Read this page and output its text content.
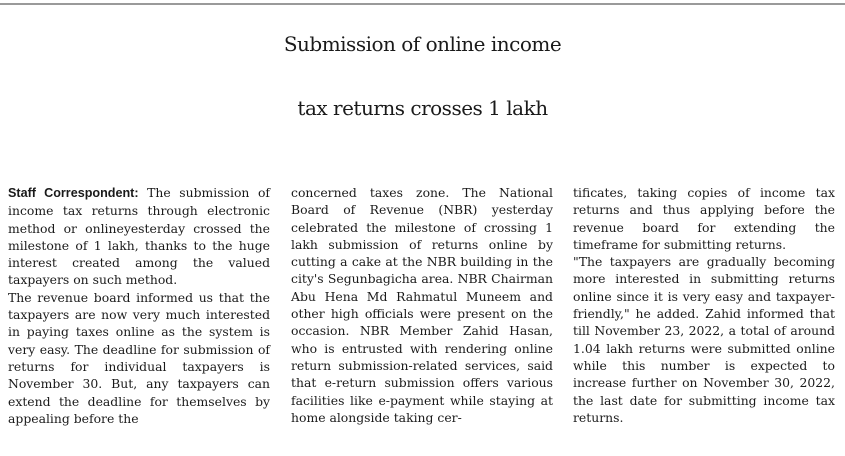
Submission of online income
tax returns crosses 1 lakh

Staff Correspondent: The submission of income tax returns through electronic method or onlineyesterday crossed the milestone of 1 lakh, thanks to the huge interest created among the valued taxpayers on such method.

The revenue board informed us that the taxpayers are now very much interested in paying taxes online as the system is very easy. The deadline for submission of returns for individual taxpayers is November 30. But, any taxpayers can extend the deadline for themselves by appealing before the

concerned taxes zone. The National Board of Revenue (NBR) yesterday celebrated the milestone of crossing 1 lakh submission of returns online by cutting a cake at the NBR building in the city's Segunbagicha area. NBR Chairman Abu Hena Md Rahmatul Muneem and other high officials were present on the occasion. NBR Member Zahid Hasan, who is entrusted with rendering online return submission-related services, said that e-return submission offers various facilities like e-payment while staying at home alongside taking cer-

tificates, taking copies of income tax returns and thus applying before the revenue board for extending the timeframe for submitting returns.

"The taxpayers are gradually becoming more interested in submitting returns online since it is very easy and taxpayer-friendly," he added. Zahid informed that till November 23, 2022, a total of around 1.04 lakh returns were submitted online while this number is expected to increase further on November 30, 2022, the last date for submitting income tax returns.
